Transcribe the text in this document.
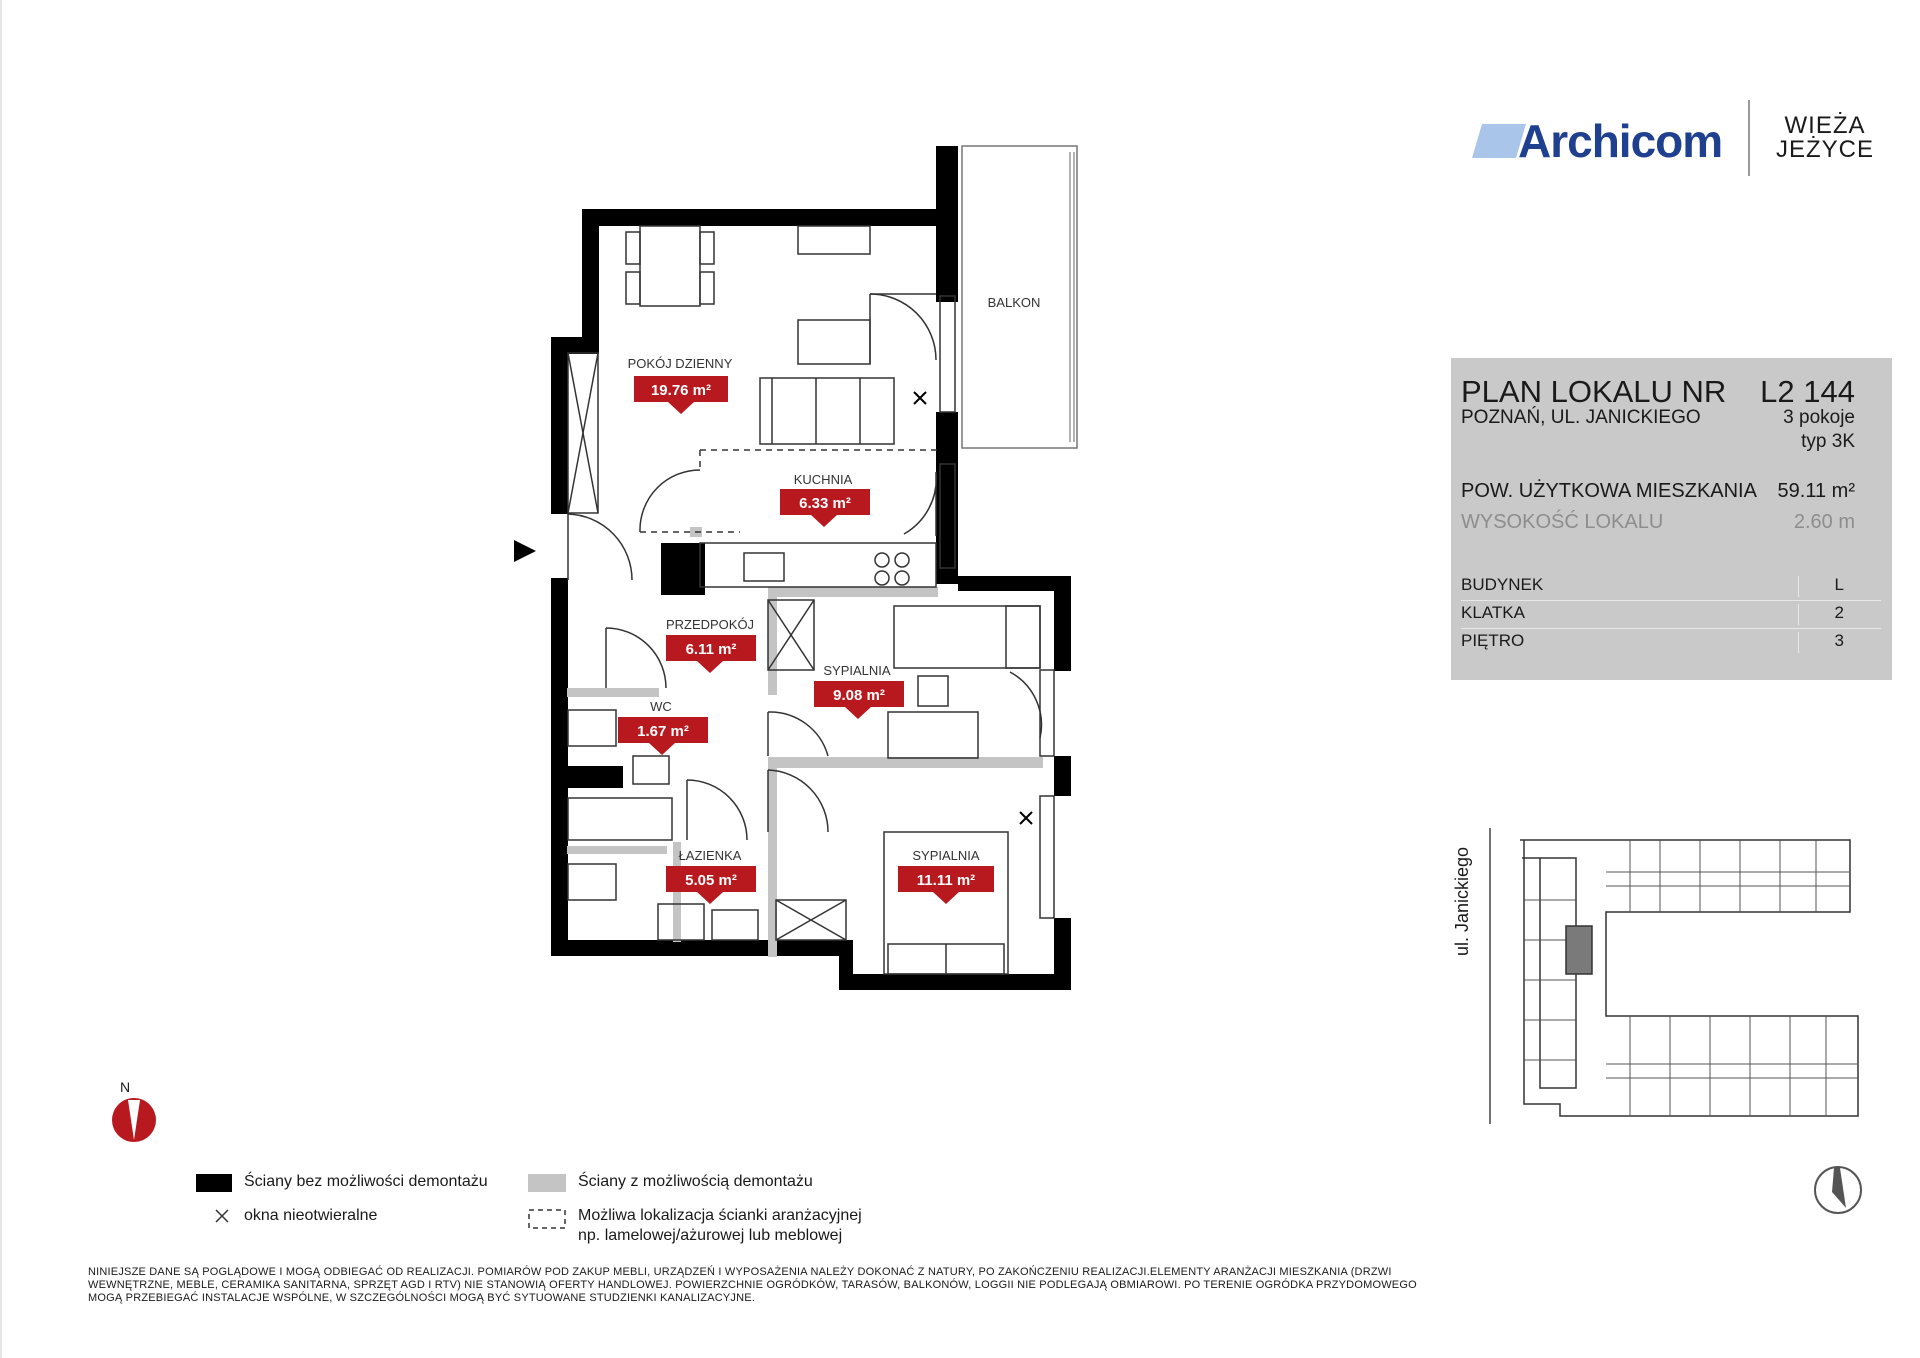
Archicom	WIEŻA
JEŻYCE
PLAN LOKALU NR L2 144
POZNAŃ, UL. JANICKIEGO	3 pokoje
typ 3K
POW. UŻYTKOWA MIESZKANIA 59.11 m²
WYSOKOŚĆ LOKALU	2.60 m
BUDYNEK	L
KLATKA	2
PIĘTRO	3
BALKON
POKÓJ DZIENNY
KUCHNIA
PRZEDPOKÓJ
SYPIALNIA
WC
ŁAZIENKA	SYPIALNIA
19.76 m²
6.33 m²
6.11 m²
9.08 m²
1.67 m²
5.05 m²	11.11 m²
N
ul. Janickiego
Ściany bez możliwości demontażu	Ściany z możliwością demontażu
okna nieotwieralne	Możliwa lokalizacja ścianki aranżacyjnej
np. lamelowej/ażurowej lub meblowej
NINIEJSZE DANE SĄ POGLĄDOWE I MOGĄ ODBIEGAĆ OD REALIZACJI. POMIARÓW POD ZAKUP MEBLI, URZĄDZEŃ I WYPOSAŻENIA NALEŻY DOKONAĆ Z NATURY, PO ZAKOŃCZENIU REALIZACJI.ELEMENTY ARANŻACJI MIESZKANIA (DRZWI WEWNĘTRZNE, MEBLE, CERAMIKA SANITARNA, SPRZĘT AGD I RTV) NIE STANOWIĄ OFERTY HANDLOWEJ. POWIERZCHNIE OGRÓDKÓW, TARASÓW, BALKONÓW, LOGGII NIE PODLEGAJĄ OBMIAROWI. PO TERENIE OGRÓDKA PRZYDOMOWEGO MOGĄ PRZEBIEGAĆ INSTALACJE WSPÓLNE, W SZCZEGÓLNOŚCI MOGĄ BYĆ SYTUOWANE STUDZIENKI KANALIZACYJNE.
